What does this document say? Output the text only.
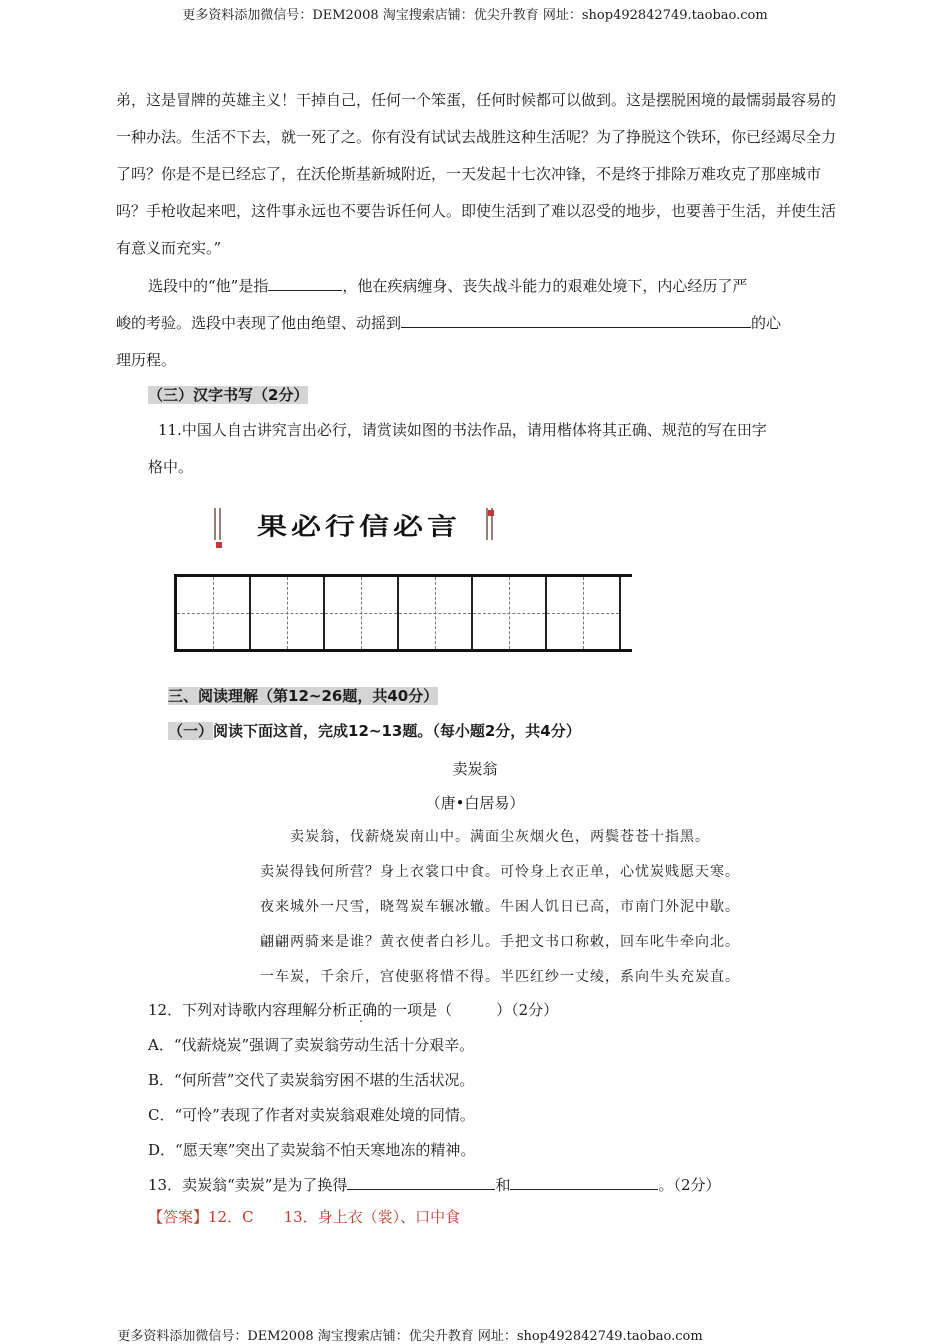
更多资料添加微信号：DEM2008 淘宝搜索店铺：优尖升教育 网址：shop492842749.taobao.com
弟，这是冒牌的英雄主义！干掉自己，任何一个笨蛋，任何时候都可以做到。这是摆脱困境的最懦弱最容易的一种办法。生活不下去，就一死了之。你有没有试试去战胜这种生活呢？为了挣脱这个铁环，你已经竭尽全力了吗？你是不是已经忘了，在沃伦斯基新城附近，一天发起十七次冲锋，不是终于排除万难攻克了那座城市吗？手枪收起来吧，这件事永远也不要告诉任何人。即使生活到了难以忍受的地步，也要善于生活，并使生活有意义而充实。”
选段中的“他”是指	，他在疾病缠身、丧失战斗能力的艰难处境下，内心经历了严
峻的考验。选段中表现了他由绝望、动摇到	的心
理历程。
（三）汉字书写（2分）
11.中国人自古讲究言出必行，请赏读如图的书法作品，请用楷体将其正确、规范的写在田字
格中。
果必行信必言
三、阅读理解（第12~26题，共40分）
（一）阅读下面这首，完成12~13题。（每小题2分，共4分）
卖炭翁
（唐•白居易）
卖炭翁，伐薪烧炭南山中。满面尘灰烟火色，两鬓苍苍十指黑。
卖炭得钱何所营？身上衣裳口中食。可怜身上衣正单，心忧炭贱愿天寒。
夜来城外一尺雪，晓驾炭车辗冰辙。牛困人饥日已高，市南门外泥中歇。
翩翩两骑来是谁？黄衣使者白衫儿。手把文书口称敕，回车叱牛牵向北。
一车炭，千余斤，宫使驱将惜不得。半匹红纱一丈绫，系向牛头充炭直。
12．下列对诗歌内容理解分析正确的一项是（	）（2分）
A．“伐薪烧炭”强调了卖炭翁劳动生活十分艰辛。
B．“何所营”交代了卖炭翁穷困不堪的生活状况。
C．“可怜”表现了作者对卖炭翁艰难处境的同情。
D．“愿天寒”突出了卖炭翁不怕天寒地冻的精神。
13．卖炭翁“卖炭”是为了换得	和	。（2分）
【答案】12．C　　13．身上衣（裳）、口中食
更多资料添加微信号：DEM2008 淘宝搜索店铺：优尖升教育 网址：shop492842749.taobao.com
